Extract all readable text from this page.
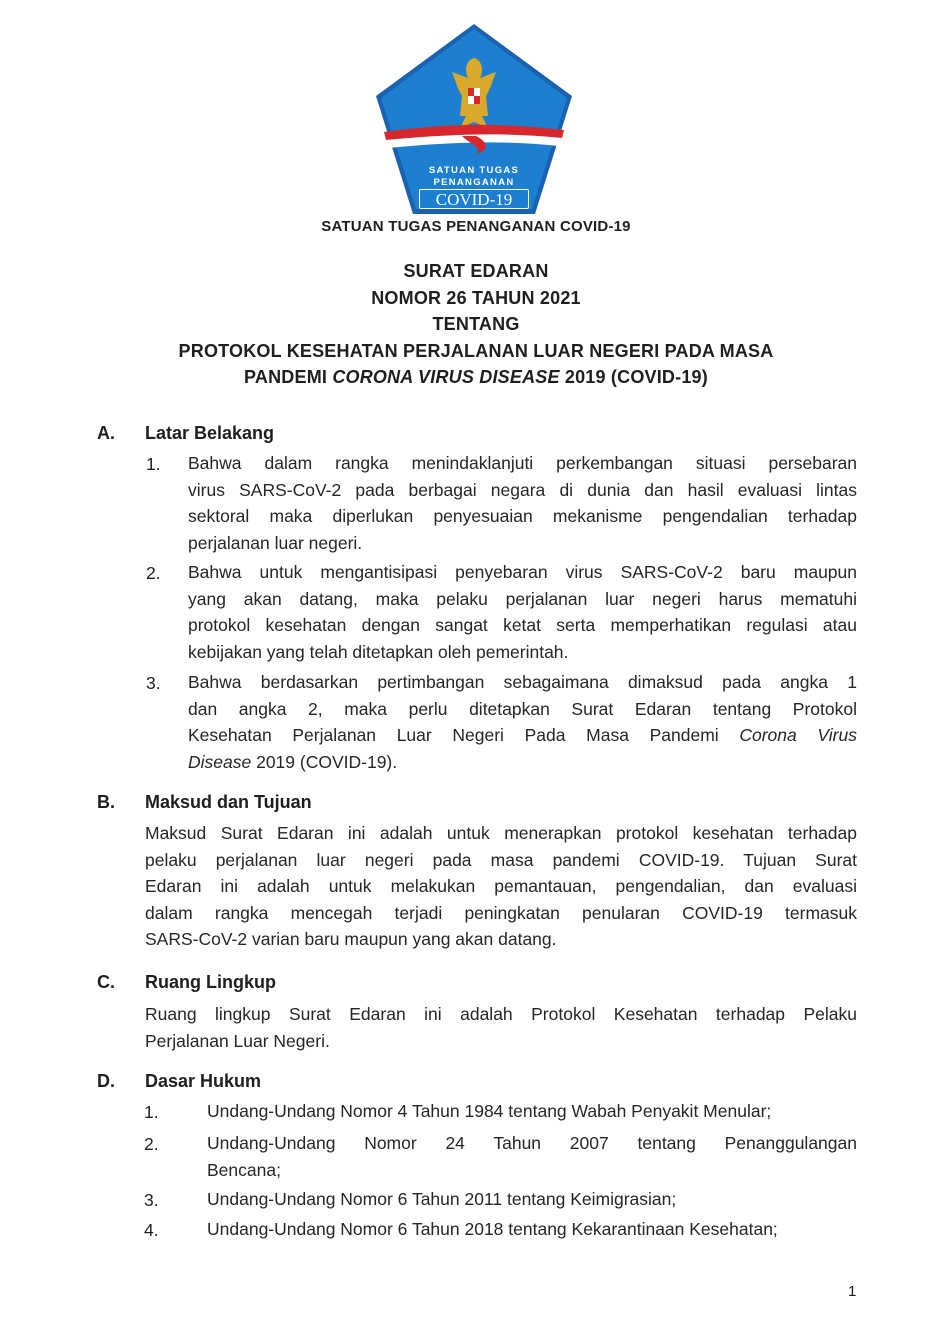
SATUAN TUGAS
PENANGANAN
COVID-19
SATUAN TUGAS PENANGANAN COVID-19
SURAT EDARAN
NOMOR 26 TAHUN 2021
TENTANG
PROTOKOL KESEHATAN PERJALANAN LUAR NEGERI PADA MASA
PANDEMI CORONA VIRUS DISEASE 2019 (COVID-19)
A. Latar Belakang
1. Bahwa dalam rangka menindaklanjuti perkembangan situasi persebaran
virus SARS-CoV-2 pada berbagai negara di dunia dan hasil evaluasi lintas
sektoral maka diperlukan penyesuaian mekanisme pengendalian terhadap
perjalanan luar negeri.
2. Bahwa untuk mengantisipasi penyebaran virus SARS-CoV-2 baru maupun
yang akan datang, maka pelaku perjalanan luar negeri harus mematuhi
protokol kesehatan dengan sangat ketat serta memperhatikan regulasi atau
kebijakan yang telah ditetapkan oleh pemerintah.
3. Bahwa berdasarkan pertimbangan sebagaimana dimaksud pada angka 1
dan angka 2, maka perlu ditetapkan Surat Edaran tentang Protokol
Kesehatan Perjalanan Luar Negeri Pada Masa Pandemi Corona Virus
Disease 2019 (COVID-19).
B. Maksud dan Tujuan
Maksud Surat Edaran ini adalah untuk menerapkan protokol kesehatan terhadap
pelaku perjalanan luar negeri pada masa pandemi COVID-19. Tujuan Surat
Edaran ini adalah untuk melakukan pemantauan, pengendalian, dan evaluasi
dalam rangka mencegah terjadi peningkatan penularan COVID-19 termasuk
SARS-CoV-2 varian baru maupun yang akan datang.
C. Ruang Lingkup
Ruang lingkup Surat Edaran ini adalah Protokol Kesehatan terhadap Pelaku
Perjalanan Luar Negeri.
D. Dasar Hukum
1.	Undang-Undang Nomor 4 Tahun 1984 tentang Wabah Penyakit Menular;
2.	Undang-Undang Nomor 24 Tahun 2007 tentang Penanggulangan
Bencana;
3.	Undang-Undang Nomor 6 Tahun 2011 tentang Keimigrasian;
4.	Undang-Undang Nomor 6 Tahun 2018 tentang Kekarantinaan Kesehatan;
1
